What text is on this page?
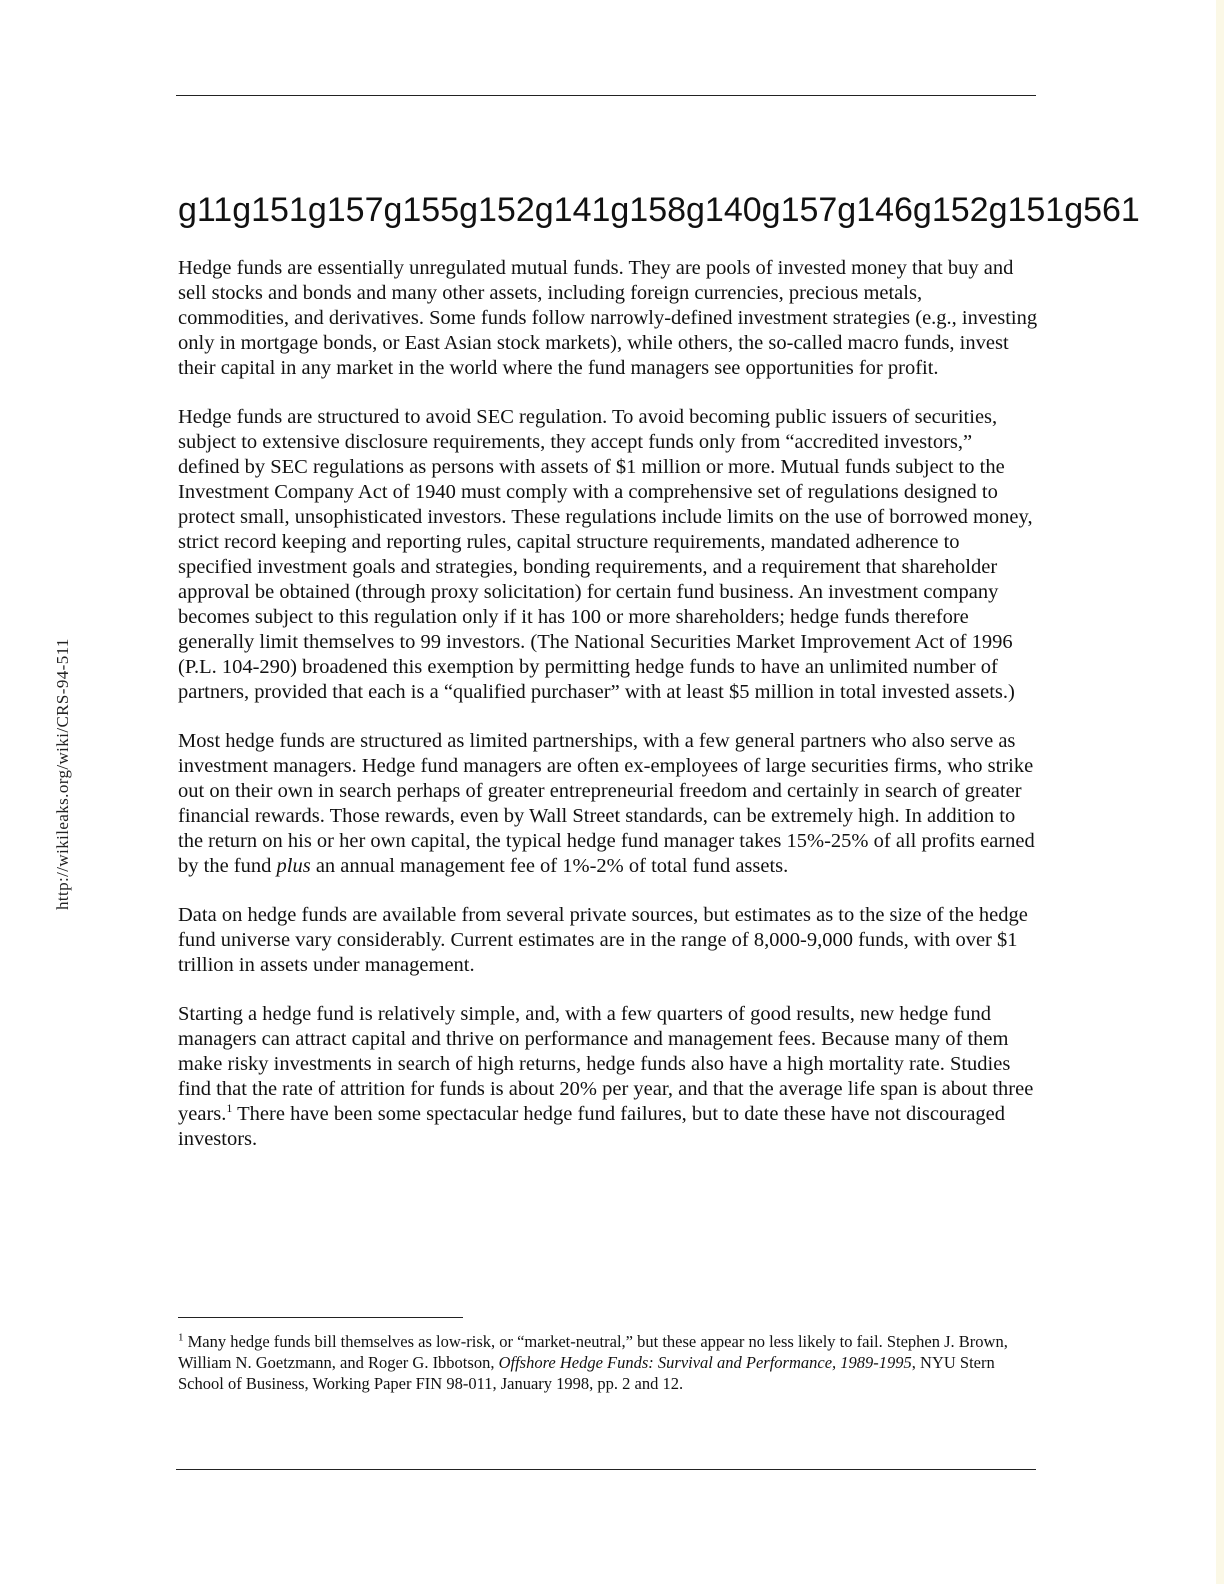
http://wikileaks.org/wiki/CRS-94-511
g11g151g157g155g152g141g158g140g157g146g152g151g561

Hedge funds are essentially unregulated mutual funds. They are pools of invested money that buy and sell stocks and bonds and many other assets, including foreign currencies, precious metals, commodities, and derivatives. Some funds follow narrowly-defined investment strategies (e.g., investing only in mortgage bonds, or East Asian stock markets), while others, the so-called macro funds, invest their capital in any market in the world where the fund managers see opportunities for profit.

Hedge funds are structured to avoid SEC regulation. To avoid becoming public issuers of securities, subject to extensive disclosure requirements, they accept funds only from “accredited investors,” defined by SEC regulations as persons with assets of $1 million or more. Mutual funds subject to the Investment Company Act of 1940 must comply with a comprehensive set of regulations designed to protect small, unsophisticated investors. These regulations include limits on the use of borrowed money, strict record keeping and reporting rules, capital structure requirements, mandated adherence to specified investment goals and strategies, bonding requirements, and a requirement that shareholder approval be obtained (through proxy solicitation) for certain fund business. An investment company becomes subject to this regulation only if it has 100 or more shareholders; hedge funds therefore generally limit themselves to 99 investors. (The National Securities Market Improvement Act of 1996 (P.L. 104-290) broadened this exemption by permitting hedge funds to have an unlimited number of partners, provided that each is a “qualified purchaser” with at least $5 million in total invested assets.)

Most hedge funds are structured as limited partnerships, with a few general partners who also serve as investment managers. Hedge fund managers are often ex-employees of large securities firms, who strike out on their own in search perhaps of greater entrepreneurial freedom and certainly in search of greater financial rewards. Those rewards, even by Wall Street standards, can be extremely high. In addition to the return on his or her own capital, the typical hedge fund manager takes 15%-25% of all profits earned by the fund plus an annual management fee of 1%-2% of total fund assets.

Data on hedge funds are available from several private sources, but estimates as to the size of the hedge fund universe vary considerably. Current estimates are in the range of 8,000-9,000 funds, with over $1 trillion in assets under management.

Starting a hedge fund is relatively simple, and, with a few quarters of good results, new hedge fund managers can attract capital and thrive on performance and management fees. Because many of them make risky investments in search of high returns, hedge funds also have a high mortality rate. Studies find that the rate of attrition for funds is about 20% per year, and that the average life span is about three years.$^1$ There have been some spectacular hedge fund failures, but to date these have not discouraged investors.

$^1$ Many hedge funds bill themselves as low-risk, or “market-neutral,” but these appear no less likely to fail. Stephen J. Brown, William N. Goetzmann, and Roger G. Ibbotson, Offshore Hedge Funds: Survival and Performance, 1989-1995, NYU Stern School of Business, Working Paper FIN 98-011, January 1998, pp. 2 and 12.
